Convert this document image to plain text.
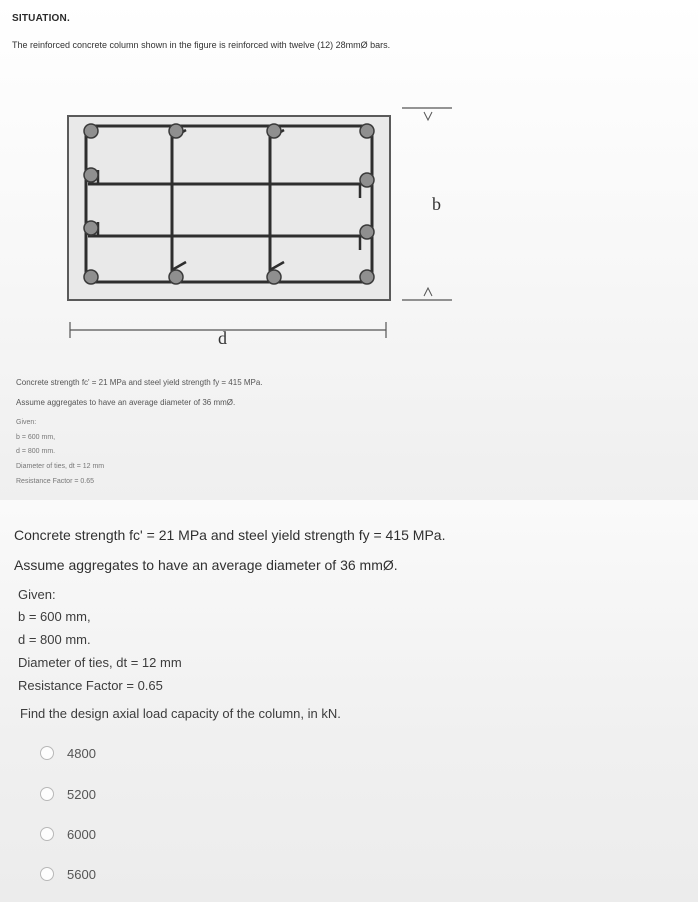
SITUATION.
The reinforced concrete column shown in the figure is reinforced with twelve (12) 28mmØ bars.
b
d
Concrete strength fc' = 21 MPa and steel yield strength fy = 415 MPa.
Assume aggregates to have an average diameter of 36 mmØ.
Given:
b = 600 mm,
d = 800 mm.
Diameter of ties, dt = 12 mm
Resistance Factor = 0.65
Concrete strength fc' = 21 MPa and steel yield strength fy = 415 MPa.
Assume aggregates to have an average diameter of 36 mmØ.
Given:
b = 600 mm,
d = 800 mm.
Diameter of ties, dt = 12 mm
Resistance Factor = 0.65
Find the design axial load capacity of the column, in kN.
4800
5200
6000
5600
